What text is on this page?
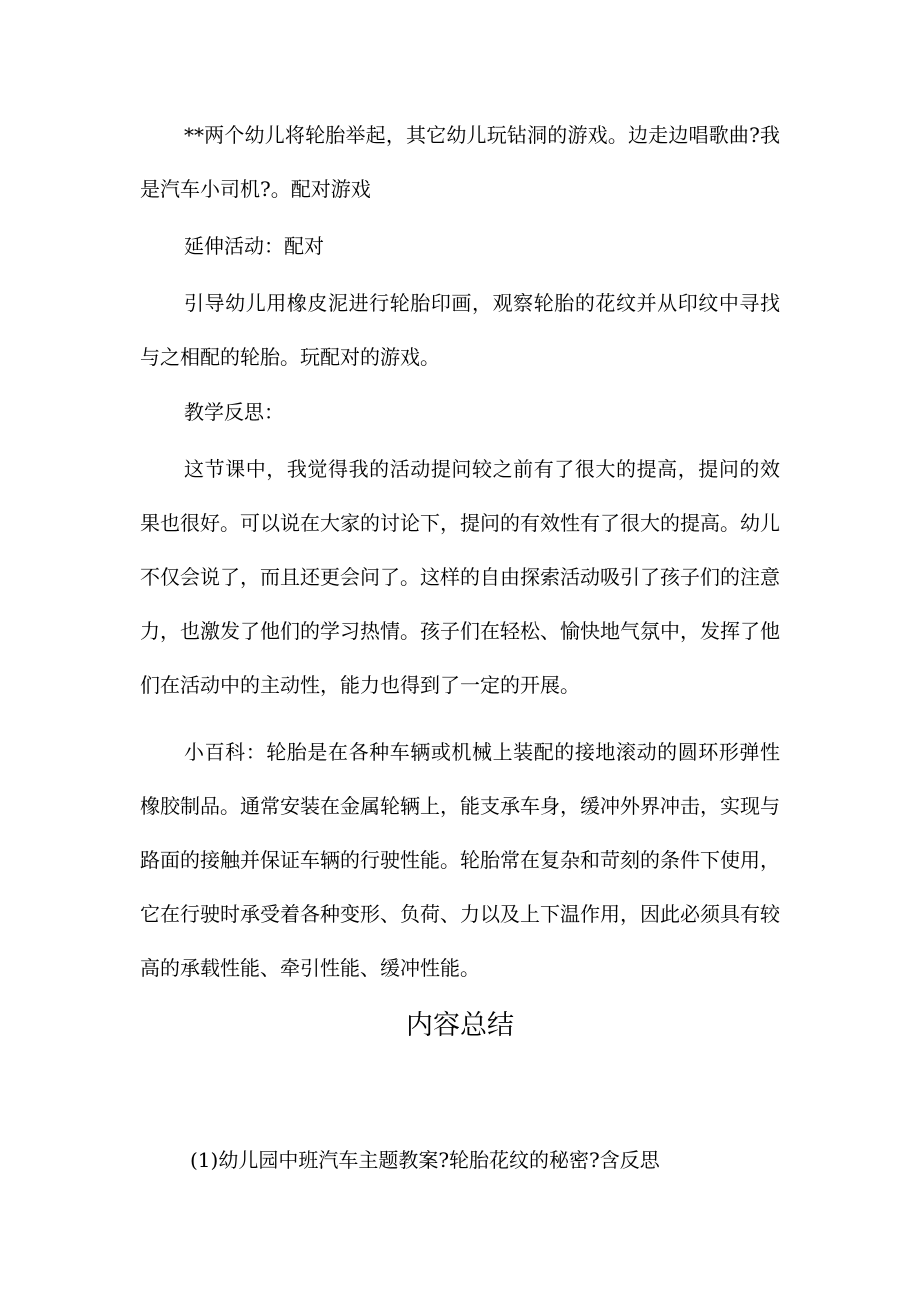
**两个幼儿将轮胎举起，其它幼儿玩钻洞的游戏。边走边唱歌曲?我是汽车小司机?。配对游戏

延伸活动：配对

引导幼儿用橡皮泥进行轮胎印画，观察轮胎的花纹并从印纹中寻找与之相配的轮胎。玩配对的游戏。

教学反思：

这节课中，我觉得我的活动提问较之前有了很大的提高，提问的效果也很好。可以说在大家的讨论下，提问的有效性有了很大的提高。幼儿不仅会说了，而且还更会问了。这样的自由探索活动吸引了孩子们的注意力，也激发了他们的学习热情。孩子们在轻松、愉快地气氛中，发挥了他们在活动中的主动性，能力也得到了一定的开展。

小百科：轮胎是在各种车辆或机械上装配的接地滚动的圆环形弹性橡胶制品。通常安装在金属轮辆上，能支承车身，缓冲外界冲击，实现与路面的接触并保证车辆的行驶性能。轮胎常在复杂和苛刻的条件下使用，它在行驶时承受着各种变形、负荷、力以及上下温作用，因此必须具有较高的承载性能、牵引性能、缓冲性能。

内容总结

(1)幼儿园中班汽车主题教案?轮胎花纹的秘密?含反思
